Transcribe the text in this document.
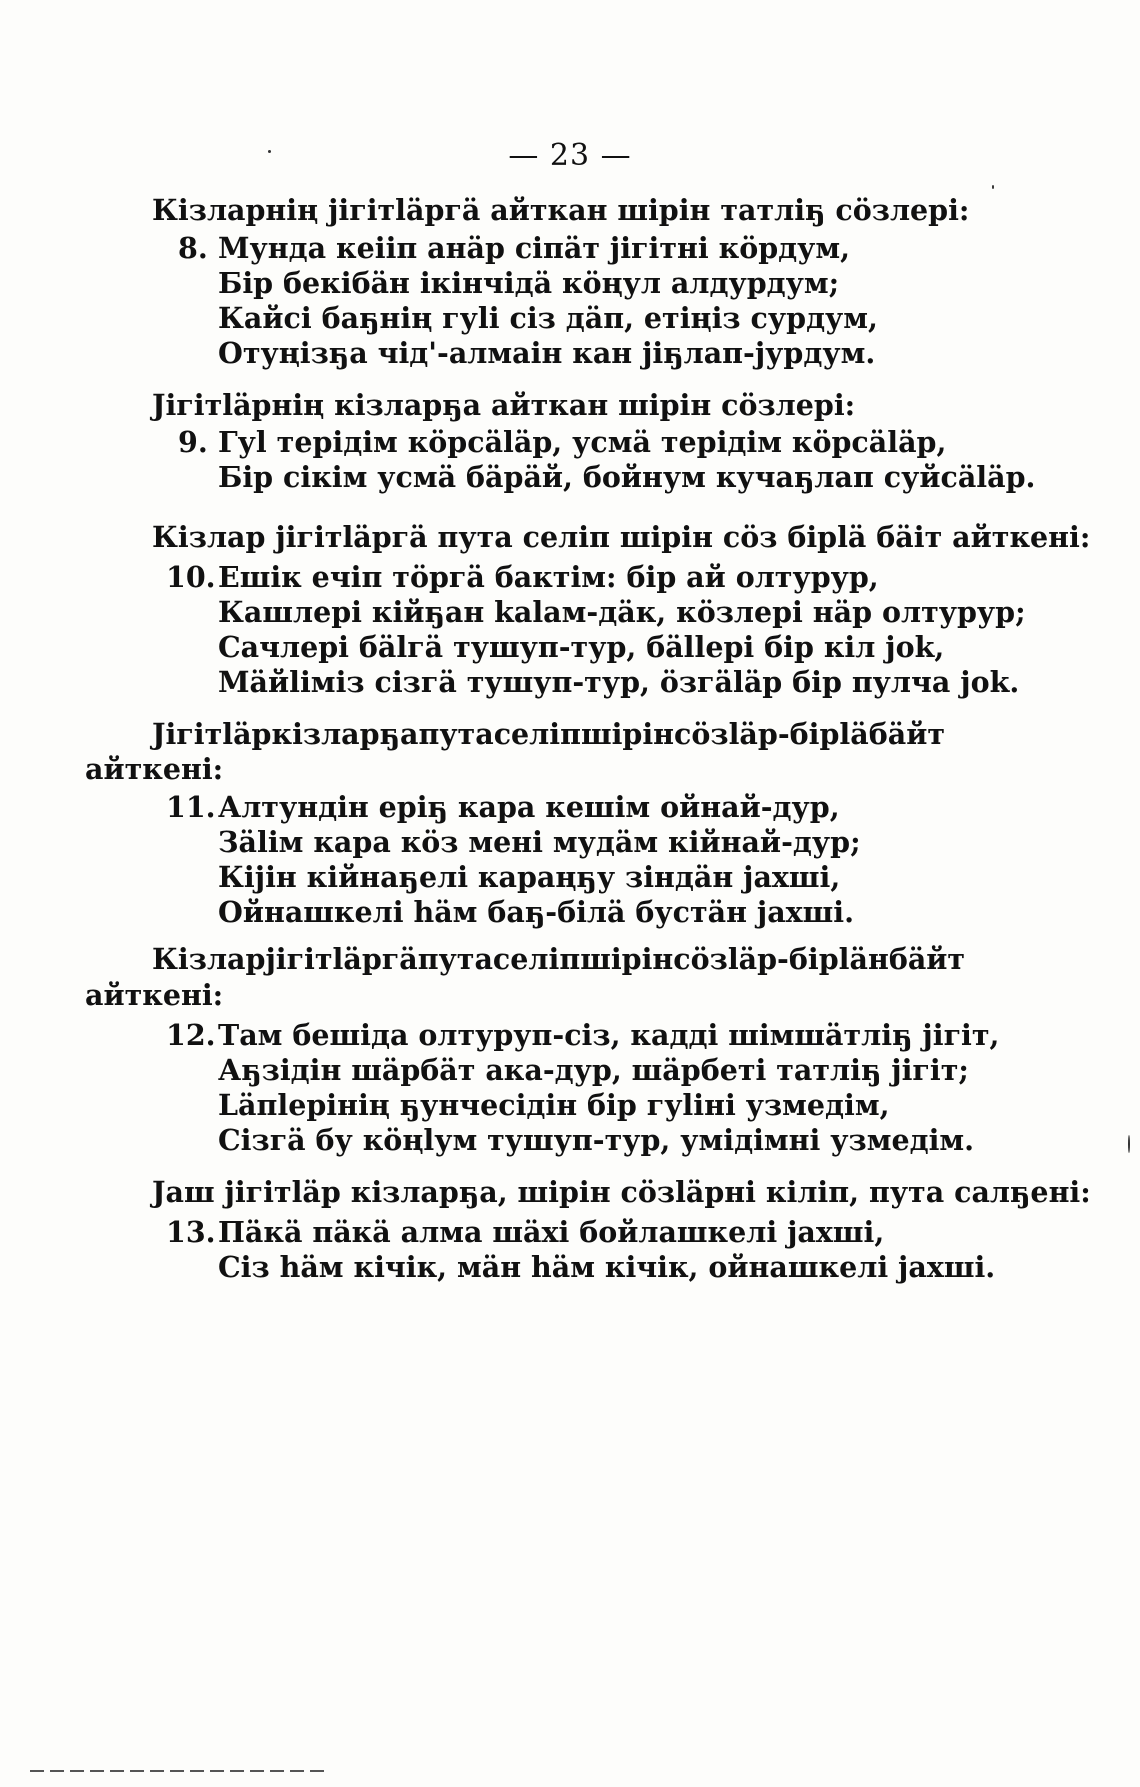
— 23 —
Кізларнің jiгiтläргä айткан шiрiн татліҕ сöзлеpi:
8. Мунда кеіiп анäр сiпäт jiгiтні кöрдум,
Бiр бекiбäн iкiнчiдä кöңул алдурдум;
Кайсi баҕнiң гуlі сiз дäп, етiңiз сурдум,
Отуңiзҕа чiд'-алмаін кан jiҕлап-jурдум.
Jiгiтläрнiң кізларҕа айткан шiрiн сöзлеpi:
9. Гуl терiдiм кöрсäläр, усмä терiдiм кöрсäläр,
Бiр сiкiм усмä бäрäй, бойнум кучаҕлап суйсäläр.
Кізлар jiгiтläргä пута селiп шiрiн сöз бiрlä бäiт айткенi:
10. Ешiк ечiп тöргä бактiм: бiр ай олтурур,
Кашлерi кiйҕан kalам-дäк, кöзлерi нäр олтурур;
Сачлерi бälгä тушуп-тур, бälleрi бiр кiл jok,
Мäйliмiз сiзгä тушуп-тур, öзгäläр бiр пулча jok.
Jiгiтläр кізларҕа пута селiп шiрiн сöзläр-бiрlä бäйт
айткенi:
11. Алтундiн ерiҕ кара кешiм ойнай-дур,
Зäliм кара кöз менi мудäм кiйнай-дур;
Кiјiн кiйнаҕелi караңҕу зiндäн jахшi,
Ойнашкелi häм баҕ-бiлä бустäн jахшi.
Кізлар jiгiтläргä пута селiп шiрiн сöзläр-бiрläн бäйт
айткенi:
12. Там бешiда олтуруп-сiз, кадді шiмшäтлiҕ jiгiт,
Аҕзiдiн шäрбäт ака-дур, шäрбетi татліҕ jiгiт;
Läпlерiнiң ҕунчесiдiн бiр гуlіні узмедiм,
Сiзгä бу кöңlум тушуп-тур, умiдiмні узмедiм.
Јаш jiгiтläр кізларҕа, шiрiн сöзläрні кiлiп, пута салҕенi:
13. Пäкä пäкä алма шäхi бойлашкелi jахшi,
Сiз häм кiчiк, мäн häм кiчiк, ойнашкелi jахшi.
